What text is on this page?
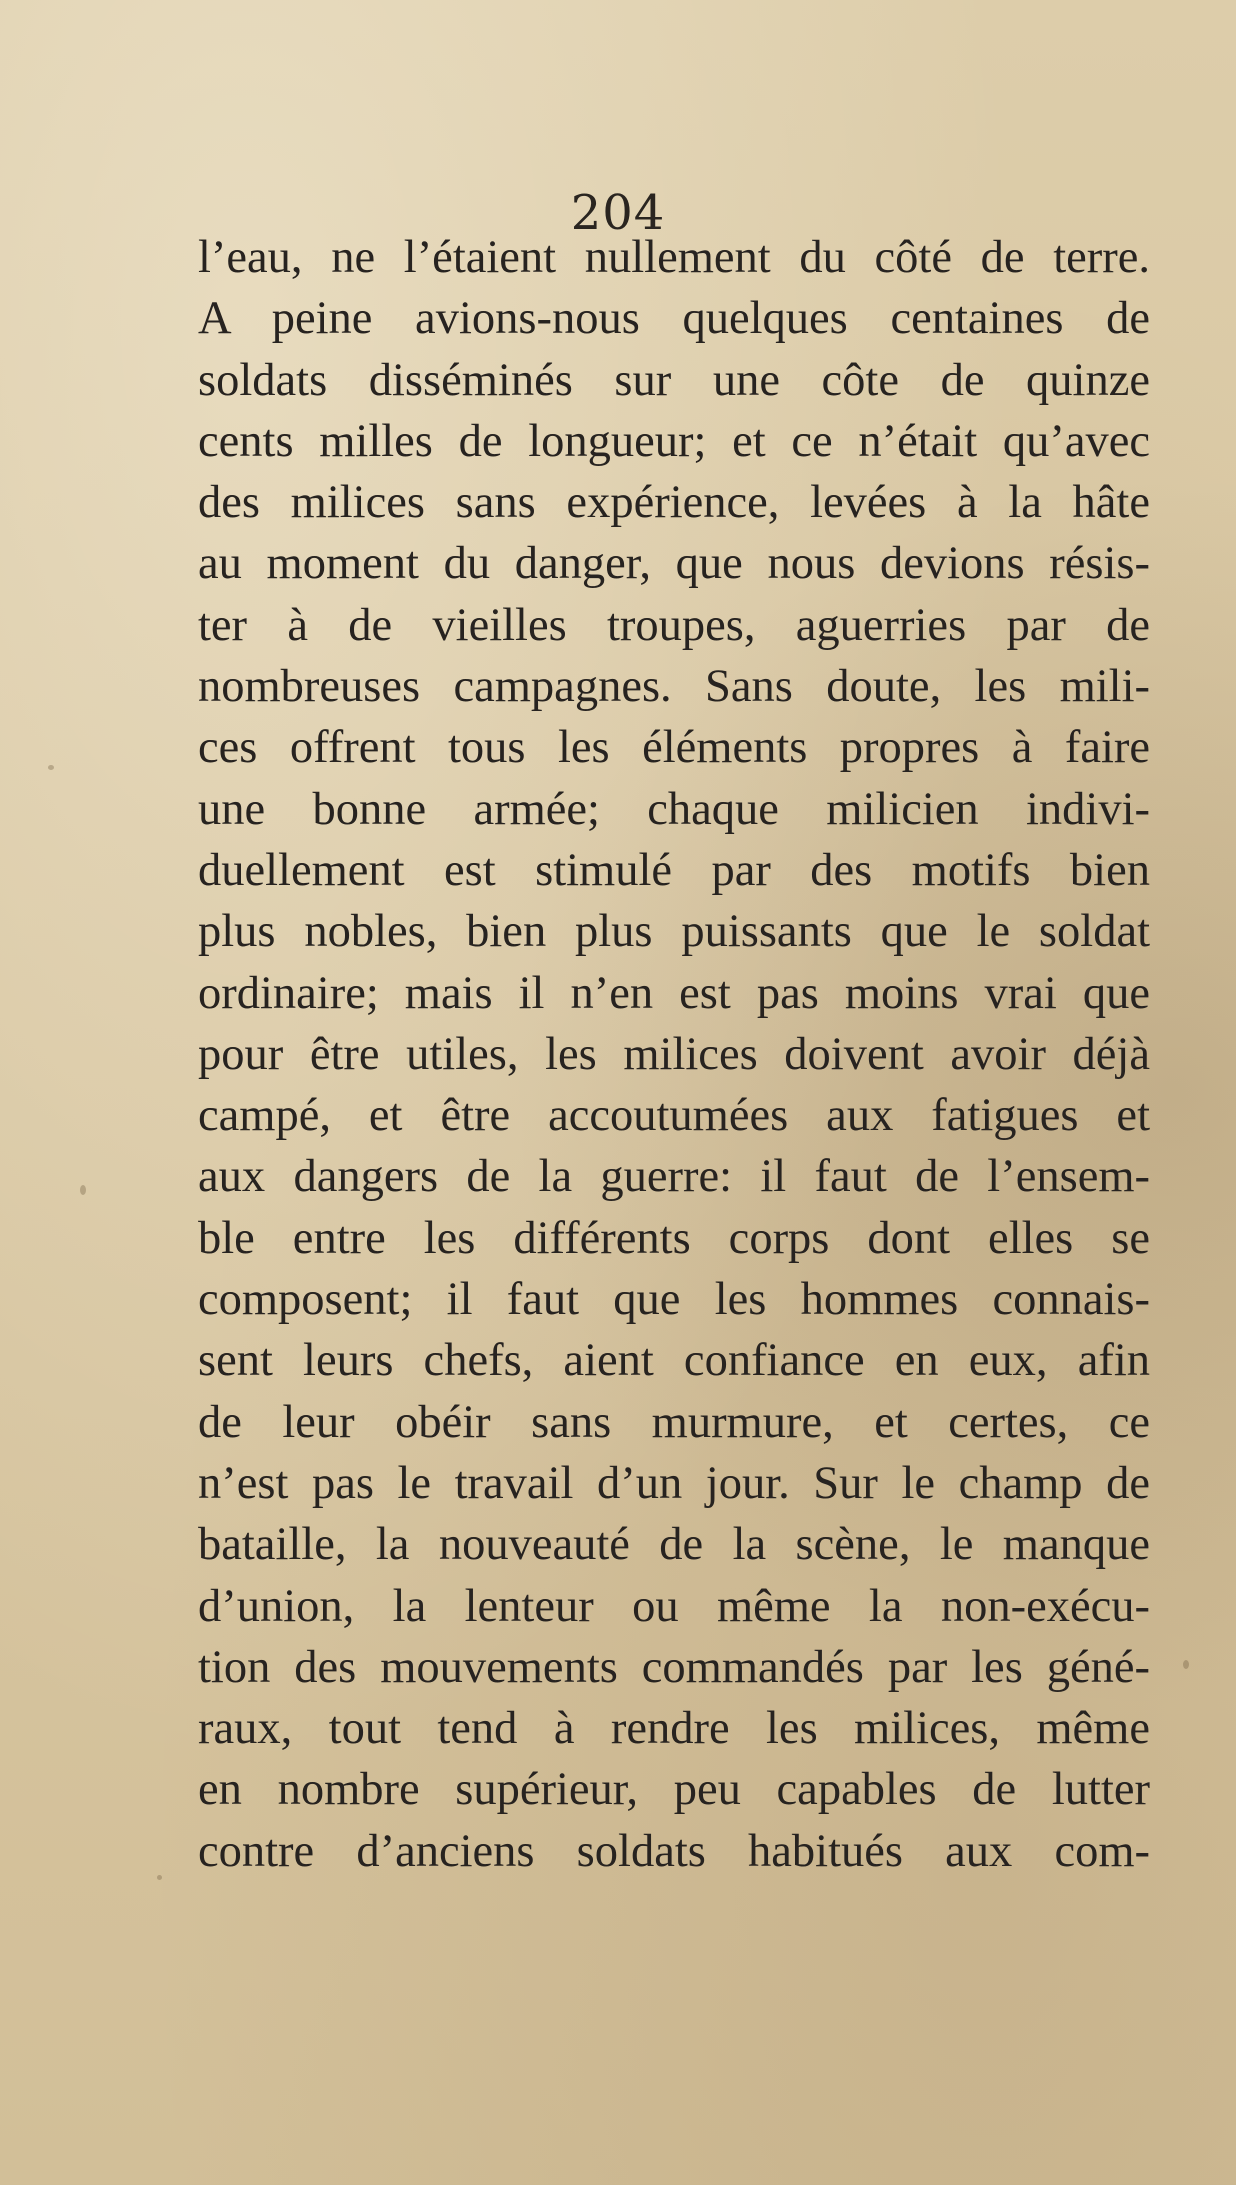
204
l’eau, ne l’étaient nullement du côté de terre.
A peine avions-nous quelques centaines de
soldats disséminés sur une côte de quinze
cents milles de longueur; et ce n’était qu’avec
des milices sans expérience, levées à la hâte
au moment du danger, que nous devions résis-
ter à de vieilles troupes, aguerries par de
nombreuses campagnes. Sans doute, les mili-
ces offrent tous les éléments propres à faire
une bonne armée; chaque milicien indivi-
duellement est stimulé par des motifs bien
plus nobles, bien plus puissants que le soldat
ordinaire; mais il n’en est pas moins vrai que
pour être utiles, les milices doivent avoir déjà
campé, et être accoutumées aux fatigues et
aux dangers de la guerre: il faut de l’ensem-
ble entre les différents corps dont elles se
composent; il faut que les hommes connais-
sent leurs chefs, aient confiance en eux, afin
de leur obéir sans murmure, et certes, ce
n’est pas le travail d’un jour. Sur le champ de
bataille, la nouveauté de la scène, le manque
d’union, la lenteur ou même la non-exécu-
tion des mouvements commandés par les géné-
raux, tout tend à rendre les milices, même
en nombre supérieur, peu capables de lutter
contre d’anciens soldats habitués aux com-
